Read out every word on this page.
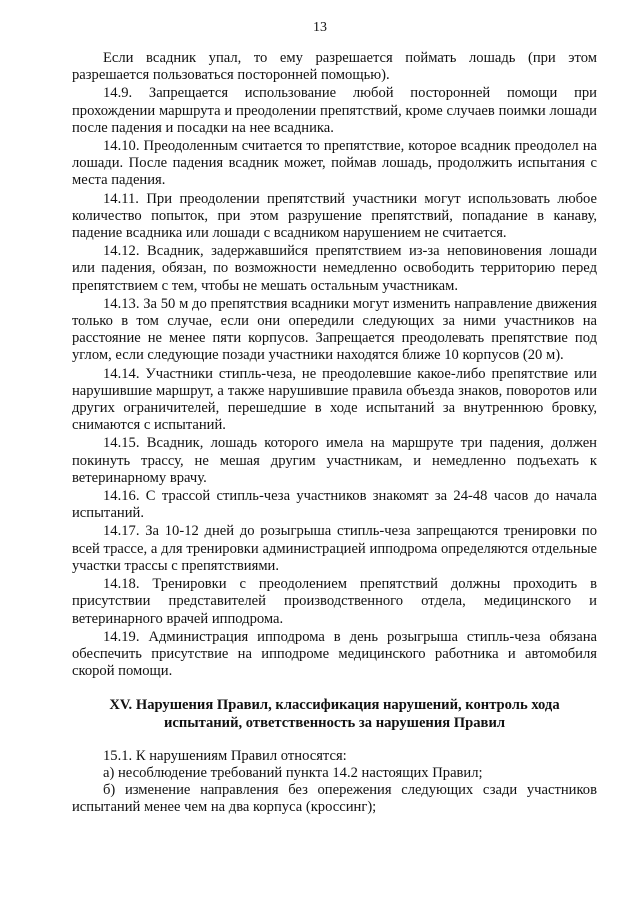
13

Если всадник упал, то ему разрешается поймать лошадь (при этом разрешается пользоваться посторонней помощью).

14.9. Запрещается использование любой посторонней помощи при прохождении маршрута и преодолении препятствий, кроме случаев поимки лошади после падения и посадки на нее всадника.

14.10. Преодоленным считается то препятствие, которое всадник преодолел на лошади. После падения всадник может, поймав лошадь, продолжить испытания с места падения.

14.11. При преодолении препятствий участники могут использовать любое количество попыток, при этом разрушение препятствий, попадание в канаву, падение всадника или лошади с всадником нарушением не считается.

14.12. Всадник, задержавшийся препятствием из-за неповиновения лошади или падения, обязан, по возможности немедленно освободить территорию перед препятствием с тем, чтобы не мешать остальным участникам.

14.13. За 50 м до препятствия всадники могут изменить направление движения только в том случае, если они опередили следующих за ними участников на расстояние не менее пяти корпусов. Запрещается преодолевать препятствие под углом, если следующие позади участники находятся ближе 10 корпусов (20 м).

14.14. Участники стипль-чеза, не преодолевшие какое-либо препятствие или нарушившие маршрут, а также нарушившие правила объезда знаков, поворотов или других ограничителей, перешедшие в ходе испытаний за внутреннюю бровку, снимаются с испытаний.

14.15. Всадник, лошадь которого имела на маршруте три падения, должен покинуть трассу, не мешая другим участникам, и немедленно подъехать к ветеринарному врачу.

14.16. С трассой стипль-чеза участников знакомят за 24-48 часов до начала испытаний.

14.17. За 10-12 дней до розыгрыша стипль-чеза запрещаются тренировки по всей трассе, а для тренировки администрацией ипподрома определяются отдельные участки трассы с препятствиями.

14.18. Тренировки с преодолением препятствий должны проходить в присутствии представителей производственного отдела, медицинского и ветеринарного врачей ипподрома.

14.19. Администрация ипподрома в день розыгрыша стипль-чеза обязана обеспечить присутствие на ипподроме медицинского работника и автомобиля скорой помощи.

XV. Нарушения Правил, классификация нарушений, контроль хода испытаний, ответственность за нарушения Правил

15.1. К нарушениям Правил относятся:

а) несоблюдение требований пункта 14.2 настоящих Правил;

б) изменение направления без опережения следующих сзади участников испытаний менее чем на два корпуса (кроссинг);
